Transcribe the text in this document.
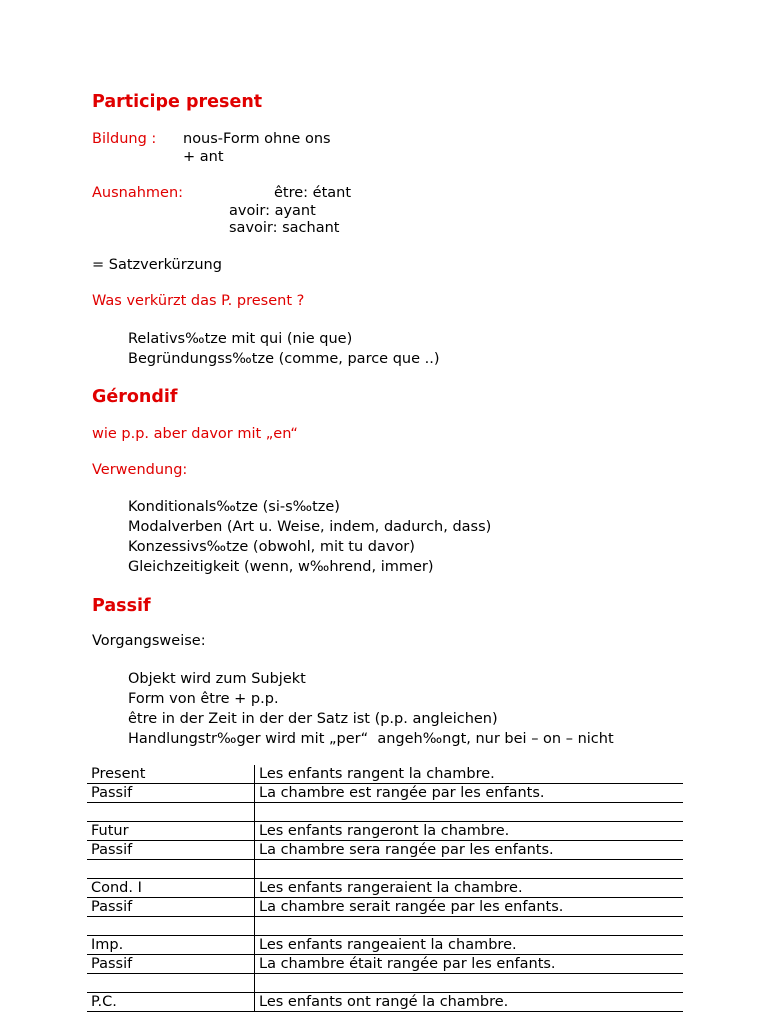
Participe present
Bildung : nous-Form ohne ons
+ ant
Ausnahmen:	être: étant
avoir: ayant
savoir: sachant
= Satzverkürzung
Was verkürzt das P. present ?
Relativs‰tze mit qui (nie que)
Begründungss‰tze (comme, parce que ..)
Gérondif
wie p.p. aber davor mit „en“
Verwendung:
Konditionals‰tze (si-s‰tze)
Modalverben (Art u. Weise, indem, dadurch, dass)
Konzessivs‰tze (obwohl, mit tu davor)
Gleichzeitigkeit (wenn, w‰hrend, immer)
Passif
Vorgangsweise:
Objekt wird zum Subjekt
Form von être + p.p.
être in der Zeit in der der Satz ist (p.p. angleichen)
Handlungstr‰ger wird mit „per“  angeh‰ngt, nur bei – on – nicht
Present	Les enfants rangent la chambre.
Passif	La chambre est rangée par les enfants.

Futur	Les enfants rangeront la chambre.
Passif	La chambre sera rangée par les enfants.

Cond. I	Les enfants rangeraient la chambre.
Passif	La chambre serait rangée par les enfants.

Imp.	Les enfants rangeaient la chambre.
Passif	La chambre était rangée par les enfants.

P.C.	Les enfants ont rangé la chambre.
